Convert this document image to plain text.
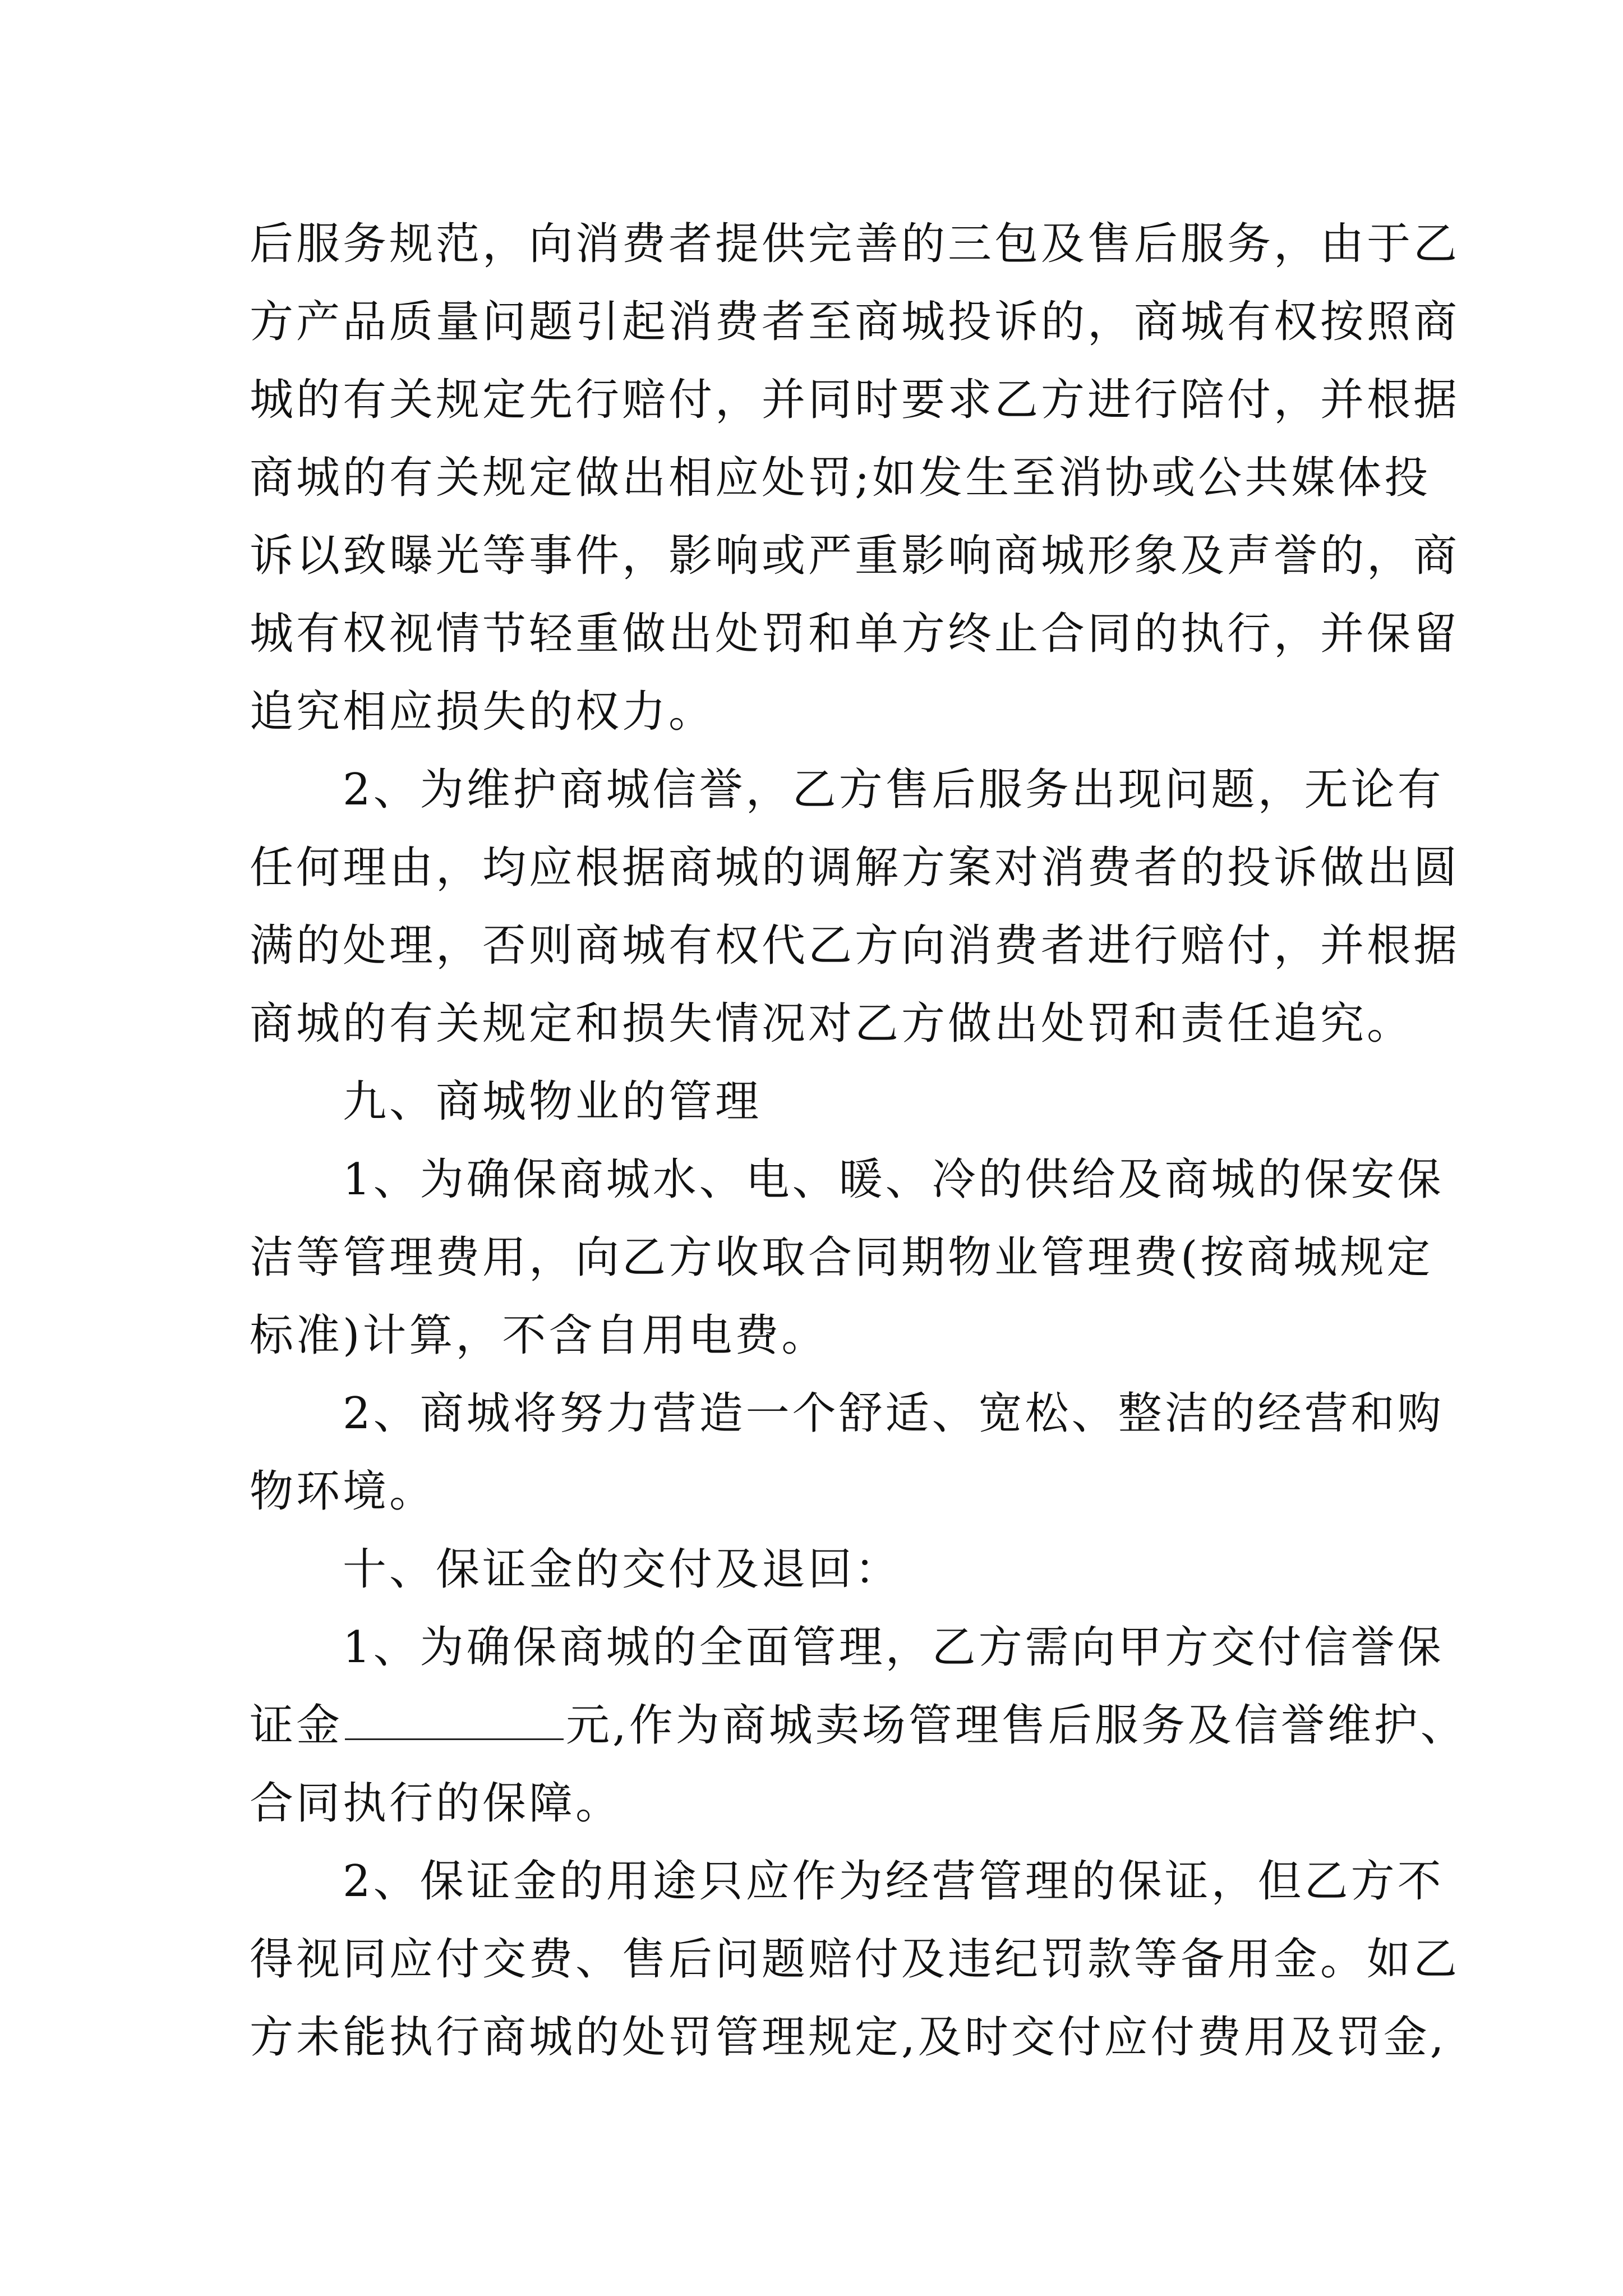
后服务规范，向消费者提供完善的三包及售后服务，由于乙
方产品质量问题引起消费者至商城投诉的，商城有权按照商
城的有关规定先行赔付，并同时要求乙方进行陪付，并根据
商城的有关规定做出相应处罚;如发生至消协或公共媒体投
诉以致曝光等事件，影响或严重影响商城形象及声誉的，商
城有权视情节轻重做出处罚和单方终止合同的执行，并保留
追究相应损失的权力。
　　2、为维护商城信誉，乙方售后服务出现问题，无论有
任何理由，均应根据商城的调解方案对消费者的投诉做出圆
满的处理，否则商城有权代乙方向消费者进行赔付，并根据
商城的有关规定和损失情况对乙方做出处罚和责任追究。
　　九、商城物业的管理
　　1、为确保商城水、电、暖、冷的供给及商城的保安保
洁等管理费用，向乙方收取合同期物业管理费(按商城规定
标准)计算，不含自用电费。
　　2、商城将努力营造一个舒适、宽松、整洁的经营和购
物环境。
　　十、保证金的交付及退回：
　　1、为确保商城的全面管理，乙方需向甲方交付信誉保
证金	元,作为商城卖场管理售后服务及信誉维护、
合同执行的保障。
　　2、保证金的用途只应作为经营管理的保证，但乙方不
得视同应付交费、售后问题赔付及违纪罚款等备用金。如乙
方未能执行商城的处罚管理规定,及时交付应付费用及罚金,
